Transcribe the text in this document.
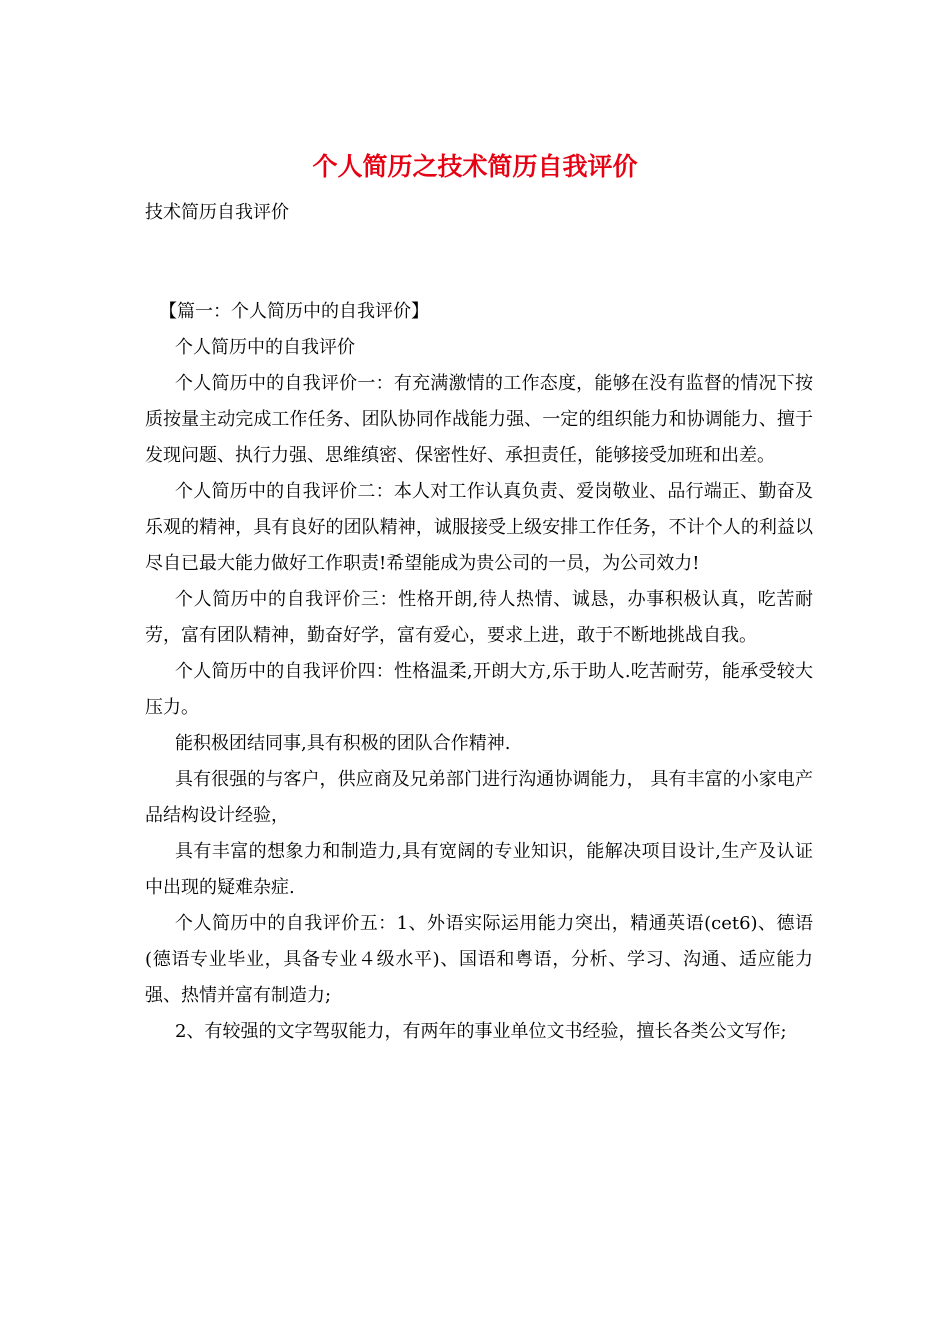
个人简历之技术简历自我评价

技术简历自我评价

【篇一：个人简历中的自我评价】

个人简历中的自我评价

个人简历中的自我评价一：有充满激情的工作态度，能够在没有监督的情况下按质按量主动完成工作任务、团队协同作战能力强、一定的组织能力和协调能力、擅于发现问题、执行力强、思维缜密、保密性好、承担责任，能够接受加班和出差。

个人简历中的自我评价二：本人对工作认真负责、爱岗敬业、品行端正、勤奋及乐观的精神，具有良好的团队精神，诚服接受上级安排工作任务，不计个人的利益以尽自已最大能力做好工作职责!希望能成为贵公司的一员，为公司效力!

个人简历中的自我评价三：性格开朗,待人热情、诚恳，办事积极认真，吃苦耐劳，富有团队精神，勤奋好学，富有爱心，要求上进，敢于不断地挑战自我。

个人简历中的自我评价四：性格温柔,开朗大方,乐于助人.吃苦耐劳，能承受较大压力。

能积极团结同事,具有积极的团队合作精神.

具有很强的与客户，供应商及兄弟部门进行沟通协调能力， 具有丰富的小家电产品结构设计经验，

具有丰富的想象力和制造力,具有宽阔的专业知识，能解决项目设计,生产及认证中出现的疑难杂症.

个人简历中的自我评价五：1、外语实际运用能力突出，精通英语(cet6)、德语(德语专业毕业，具备专业４级水平)、国语和粤语，分析、学习、沟通、适应能力强、热情并富有制造力;

2、有较强的文字驾驭能力，有两年的事业单位文书经验，擅长各类公文写作;
